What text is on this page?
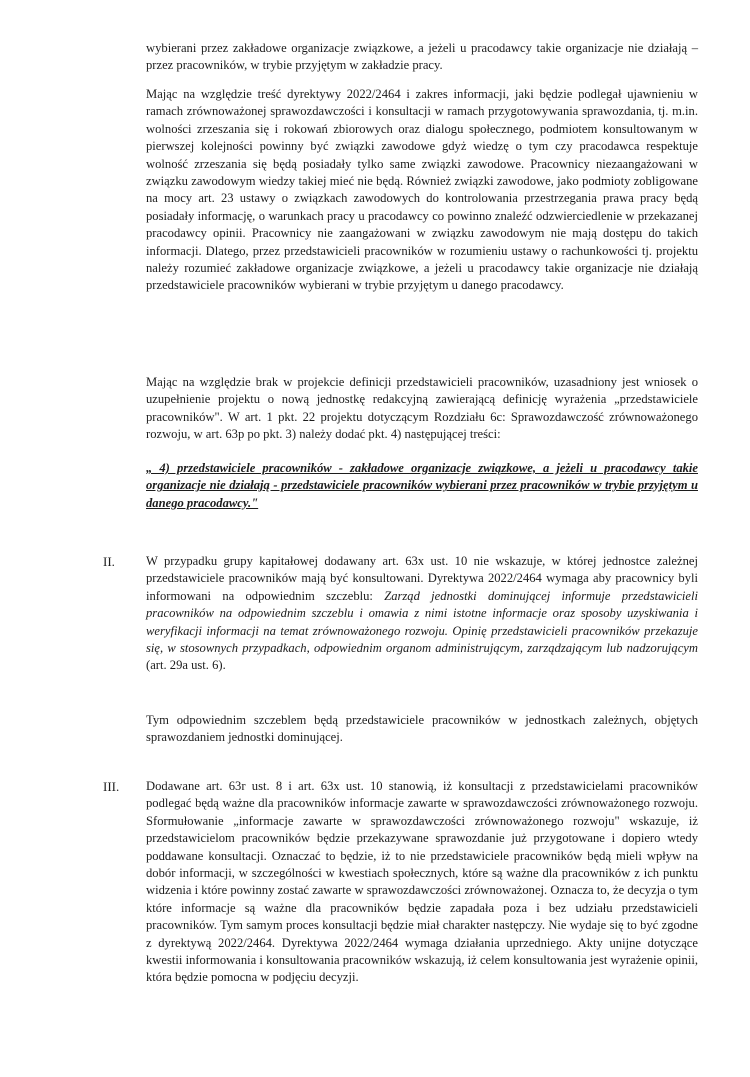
wybierani przez zakładowe organizacje związkowe, a jeżeli u pracodawcy takie organizacje nie działają – przez pracowników, w trybie przyjętym w zakładzie pracy.

Mając na względzie treść dyrektywy 2022/2464 i zakres informacji, jaki będzie podlegał ujawnieniu w ramach zrównoważonej sprawozdawczości i konsultacji w ramach przygotowywania sprawozdania, tj. m.in. wolności zrzeszania się i rokowań zbiorowych oraz dialogu społecznego, podmiotem konsultowanym w pierwszej kolejności powinny być związki zawodowe gdyż wiedzę o tym czy pracodawca respektuje wolność zrzeszania się będą posiadały tylko same związki zawodowe. Pracownicy niezaangażowani w związku zawodowym wiedzy takiej mieć nie będą. Również związki zawodowe, jako podmioty zobligowane na mocy art. 23 ustawy o związkach zawodowych do kontrolowania przestrzegania prawa pracy będą posiadały informację, o warunkach pracy u pracodawcy co powinno znaleźć odzwierciedlenie w przekazanej pracodawcy opinii. Pracownicy nie zaangażowani w związku zawodowym nie mają dostępu do takich informacji. Dlatego, przez przedstawicieli pracowników w rozumieniu ustawy o rachunkowości tj. projektu należy rozumieć zakładowe organizacje związkowe, a jeżeli u pracodawcy takie organizacje nie działają przedstawiciele pracowników wybierani w trybie przyjętym u danego pracodawcy.

Mając na względzie brak w projekcie definicji przedstawicieli pracowników, uzasadniony jest wniosek o uzupełnienie projektu o nową jednostkę redakcyjną zawierającą definicję wyrażenia „przedstawiciele pracowników". W art. 1 pkt. 22 projektu dotyczącym Rozdziału 6c: Sprawozdawczość zrównoważonego rozwoju, w art. 63p po pkt. 3) należy dodać pkt. 4) następującej treści:

„ 4) przedstawiciele pracowników - zakładowe organizacje związkowe, a jeżeli u pracodawcy takie organizacje nie działają - przedstawiciele pracowników wybierani przez pracowników w trybie przyjętym u danego pracodawcy."

II. W przypadku grupy kapitałowej dodawany art. 63x ust. 10 nie wskazuje, w której jednostce zależnej przedstawiciele pracowników mają być konsultowani. Dyrektywa 2022/2464 wymaga aby pracownicy byli informowani na odpowiednim szczeblu: Zarząd jednostki dominującej informuje przedstawicieli pracowników na odpowiednim szczeblu i omawia z nimi istotne informacje oraz sposoby uzyskiwania i weryfikacji informacji na temat zrównoważonego rozwoju. Opinię przedstawicieli pracowników przekazuje się, w stosownych przypadkach, odpowiednim organom administrującym, zarządzającym lub nadzorującym (art. 29a ust. 6).

Tym odpowiednim szczeblem będą przedstawiciele pracowników w jednostkach zależnych, objętych sprawozdaniem jednostki dominującej.

III. Dodawane art. 63r ust. 8 i art. 63x ust. 10 stanowią, iż konsultacji z przedstawicielami pracowników podlegać będą ważne dla pracowników informacje zawarte w sprawozdawczości zrównoważonego rozwoju. Sformułowanie „informacje zawarte w sprawozdawczości zrównoważonego rozwoju" wskazuje, iż przedstawicielom pracowników będzie przekazywane sprawozdanie już przygotowane i dopiero wtedy poddawane konsultacji. Oznaczać to będzie, iż to nie przedstawiciele pracowników będą mieli wpływ na dobór informacji, w szczególności w kwestiach społecznych, które są ważne dla pracowników z ich punktu widzenia i które powinny zostać zawarte w sprawozdawczości zrównoważonej. Oznacza to, że decyzja o tym które informacje są ważne dla pracowników będzie zapadała poza i bez udziału przedstawicieli pracowników. Tym samym proces konsultacji będzie miał charakter następczy. Nie wydaje się to być zgodne z dyrektywą 2022/2464. Dyrektywa 2022/2464 wymaga działania uprzedniego. Akty unijne dotyczące kwestii informowania i konsultowania pracowników wskazują, iż celem konsultowania jest wyrażenie opinii, która będzie pomocna w podjęciu decyzji.
